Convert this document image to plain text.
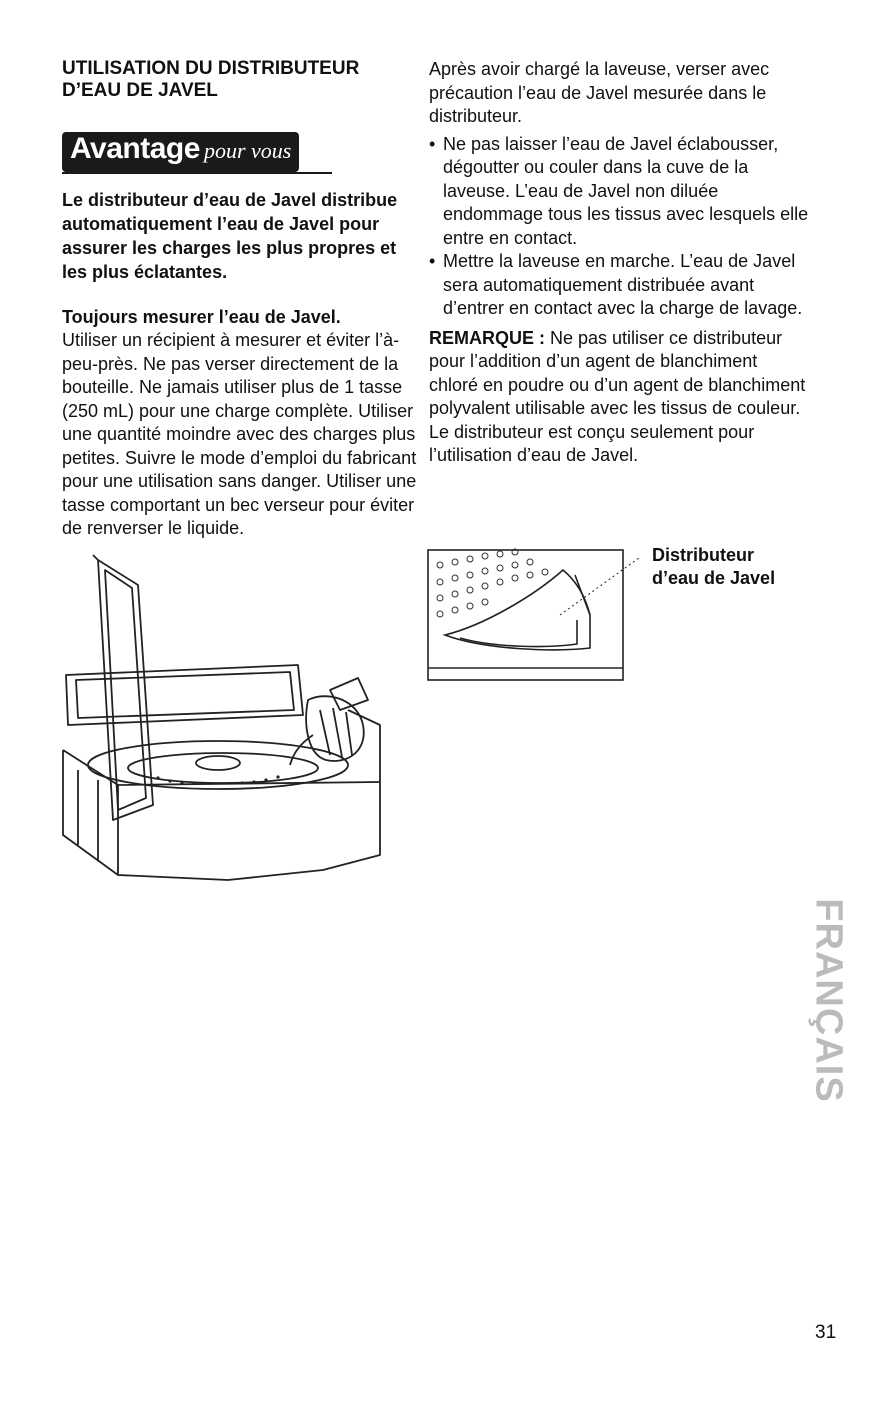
UTILISATION DU DISTRIBUTEUR
D’EAU DE JAVEL

Avantage pour vous

Le distributeur d’eau de Javel distribue automatiquement l’eau de Javel pour assurer les charges les plus propres et les plus éclatantes.

Toujours mesurer l’eau de Javel.

Utiliser un récipient à mesurer et éviter l’à-peu-près. Ne pas verser directement de la bouteille. Ne jamais utiliser plus de 1 tasse (250 mL) pour une charge complète. Utiliser une quantité moindre avec des charges plus petites. Suivre le mode d’emploi du fabricant pour une utilisation sans danger. Utiliser une tasse comportant un bec verseur pour éviter de renverser le liquide.

Après avoir chargé la laveuse, verser avec précaution l’eau de Javel mesurée dans le distributeur.

• Ne pas laisser l’eau de Javel éclabousser, dégoutter ou couler dans la cuve de la laveuse. L’eau de Javel non diluée endommage tous les tissus avec lesquels elle entre en contact.
• Mettre la laveuse en marche. L’eau de Javel sera automatiquement distribuée avant d’entrer en contact avec la charge de lavage.

REMARQUE : Ne pas utiliser ce distributeur pour l’addition d’un agent de blanchiment chloré en poudre ou d’un agent de blanchiment polyvalent utilisable avec les tissus de couleur. Le distributeur est conçu seulement pour l’utilisation d’eau de Javel.

Distributeur
d’eau de Javel

FRANÇAIS

31
